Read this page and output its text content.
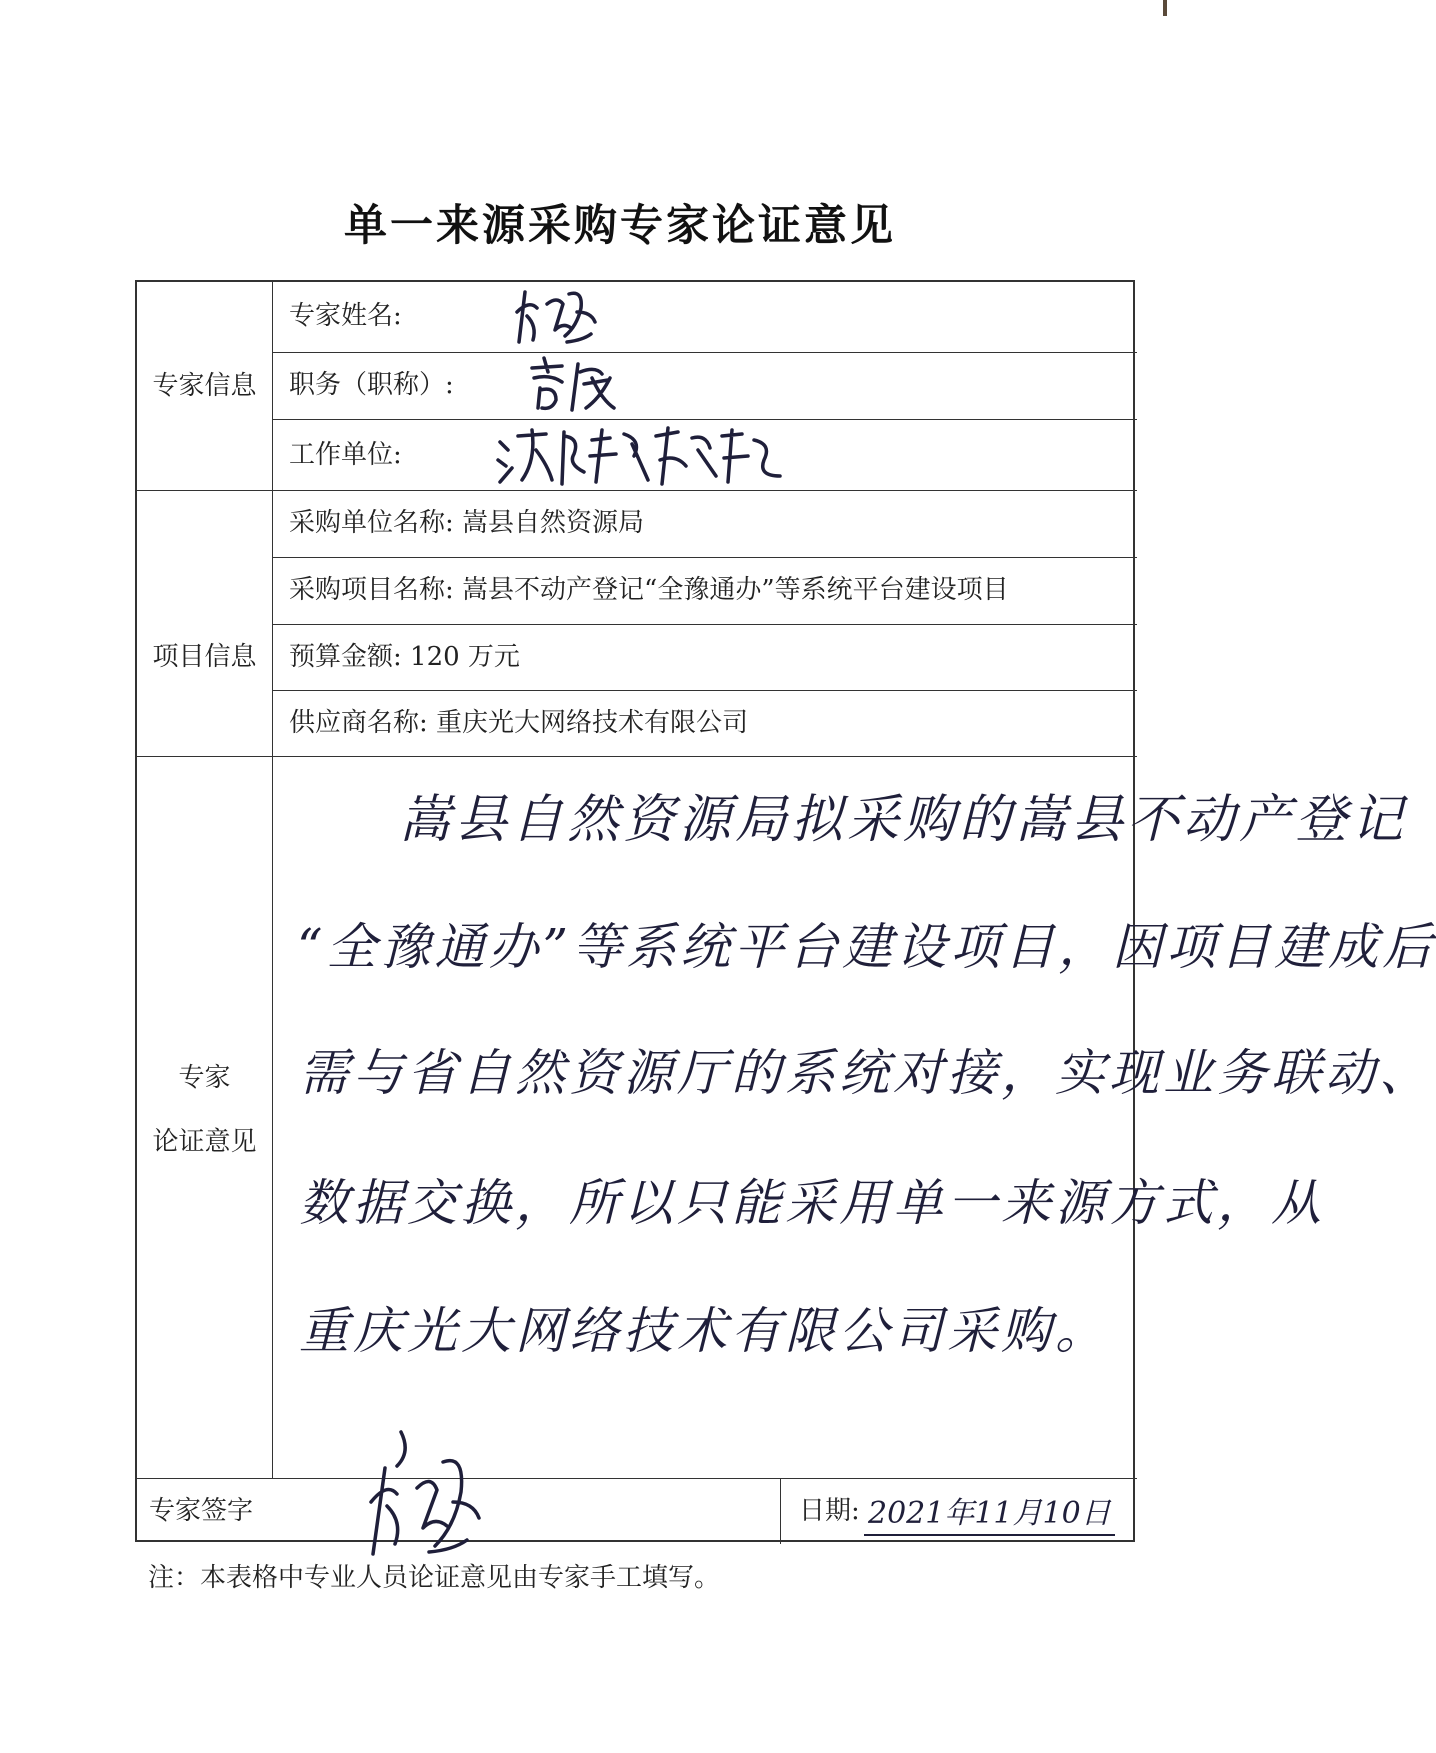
单一来源采购专家论证意见
专家信息
专家姓名:
职务（职称）:
工作单位:
项目信息
采购单位名称: 嵩县自然资源局
采购项目名称: 嵩县不动产登记“全豫通办”等系统平台建设项目
预算金额: 120 万元
供应商名称: 重庆光大网络技术有限公司
专家
论证意见
嵩县自然资源局拟采购的嵩县不动产登记
“全豫通办”等系统平台建设项目，因项目建成后
需与省自然资源厅的系统对接，实现业务联动、
数据交换，所以只能采用单一来源方式，从
重庆光大网络技术有限公司采购。
专家签字	日期: 2021年11月10日
注：本表格中专业人员论证意见由专家手工填写。
